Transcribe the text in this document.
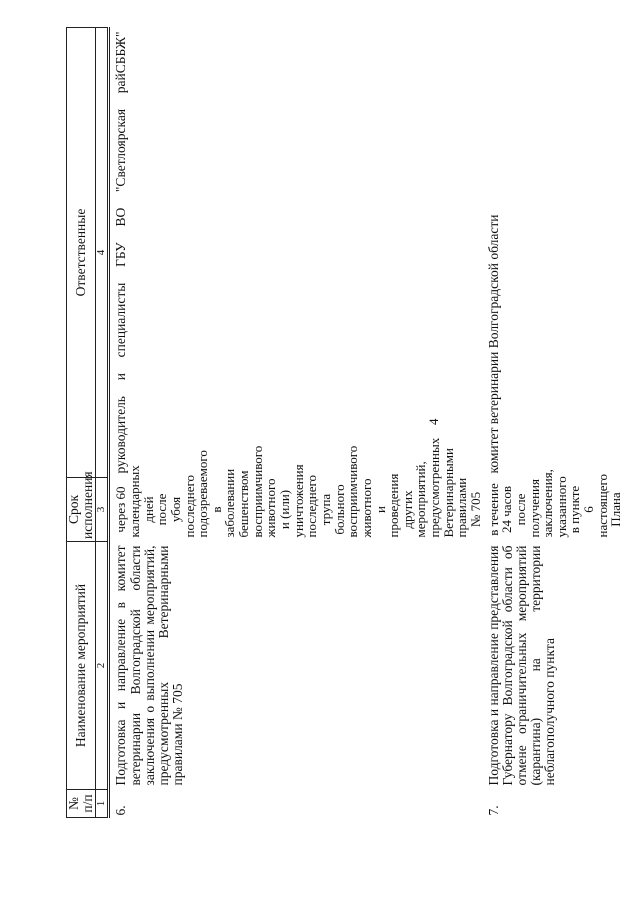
4
№ п/п	Наименование мероприятий	Срок исполнения	Ответственные
1	2	3	4
6.	Подготовка и направление в комитет ветеринарии Волгоградской области заключения о выполнении мероприятий, предусмотренных Ветеринарными правилами № 705	через 60 календарных дней после убоя последнего подозреваемого в заболевании бешенством восприимчивого животного и (или) уничтожения последнего трупа больного восприимчивого животного и проведения других мероприятий, предусмотренных Ветеринарными правилами № 705	руководитель и специалисты ГБУ ВО "Светлоярская райСББЖ"
7.	Подготовка и направление представления Губернатору Волгоградской области об отмене ограничительных мероприятий (карантина) на территории неблагополучного пункта	в течение 24 часов после получения заключения, указанного в пункте 6 настоящего Плана	комитет ветеринарии Волгоградской области
